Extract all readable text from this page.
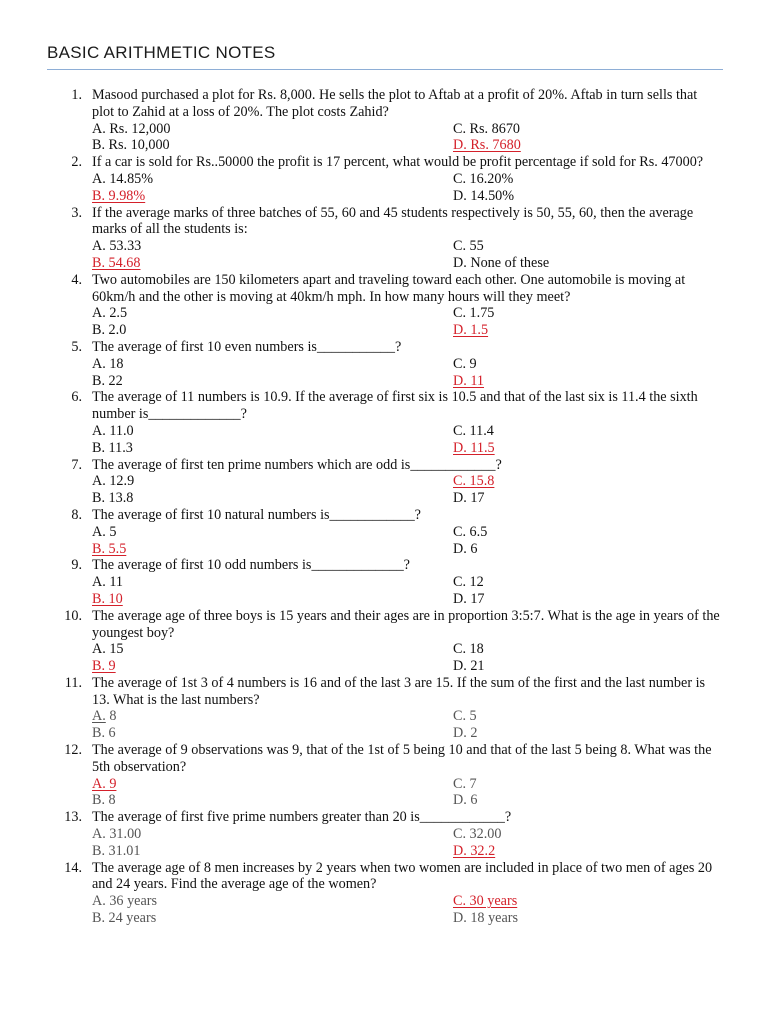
BASIC ARITHMETIC NOTES
1. Masood purchased a plot for Rs. 8,000. He sells the plot to Aftab at a profit of 20%. Aftab in turn sells that plot to Zahid at a loss of 20%. The plot costs Zahid?
A. Rs. 12,000	C. Rs. 8670
B. Rs. 10,000	D. Rs. 7680
2. If a car is sold for Rs..50000 the profit is 17 percent, what would be profit percentage if sold for Rs. 47000?
A. 14.85%	C. 16.20%
B. 9.98%	D. 14.50%
3. If the average marks of three batches of 55, 60 and 45 students respectively is 50, 55, 60, then the average marks of all the students is:
A. 53.33	C. 55
B. 54.68	D. None of these
4. Two automobiles are 150 kilometers apart and traveling toward each other. One automobile is moving at 60km/h and the other is moving at 40km/h mph. In how many hours will they meet?
A. 2.5	C. 1.75
B. 2.0	D. 1.5
5. The average of first 10 even numbers is___________?
A. 18	C. 9
B. 22	D. 11
6. The average of 11 numbers is 10.9. If the average of first six is 10.5 and that of the last six is 11.4 the sixth number is_____________?
A. 11.0	C. 11.4
B. 11.3	D. 11.5
7. The average of first ten prime numbers which are odd is____________?
A. 12.9	C. 15.8
B. 13.8	D. 17
8. The average of first 10 natural numbers is____________?
A. 5	C. 6.5
B. 5.5	D. 6
9. The average of first 10 odd numbers is_____________?
A. 11	C. 12
B. 10	D. 17
10. The average age of three boys is 15 years and their ages are in proportion 3:5:7. What is the age in years of the youngest boy?
A. 15	C. 18
B. 9	D. 21
11. The average of 1st 3 of 4 numbers is 16 and of the last 3 are 15. If the sum of the first and the last number is 13. What is the last numbers?
A. 8	C. 5
B. 6	D. 2
12. The average of 9 observations was 9, that of the 1st of 5 being 10 and that of the last 5 being 8. What was the 5th observation?
A. 9	C. 7
B. 8	D. 6
13. The average of first five prime numbers greater than 20 is____________?
A. 31.00	C. 32.00
B. 31.01	D. 32.2
14. The average age of 8 men increases by 2 years when two women are included in place of two men of ages 20 and 24 years. Find the average age of the women?
A. 36 years	C. 30 years
B. 24 years	D. 18 years
